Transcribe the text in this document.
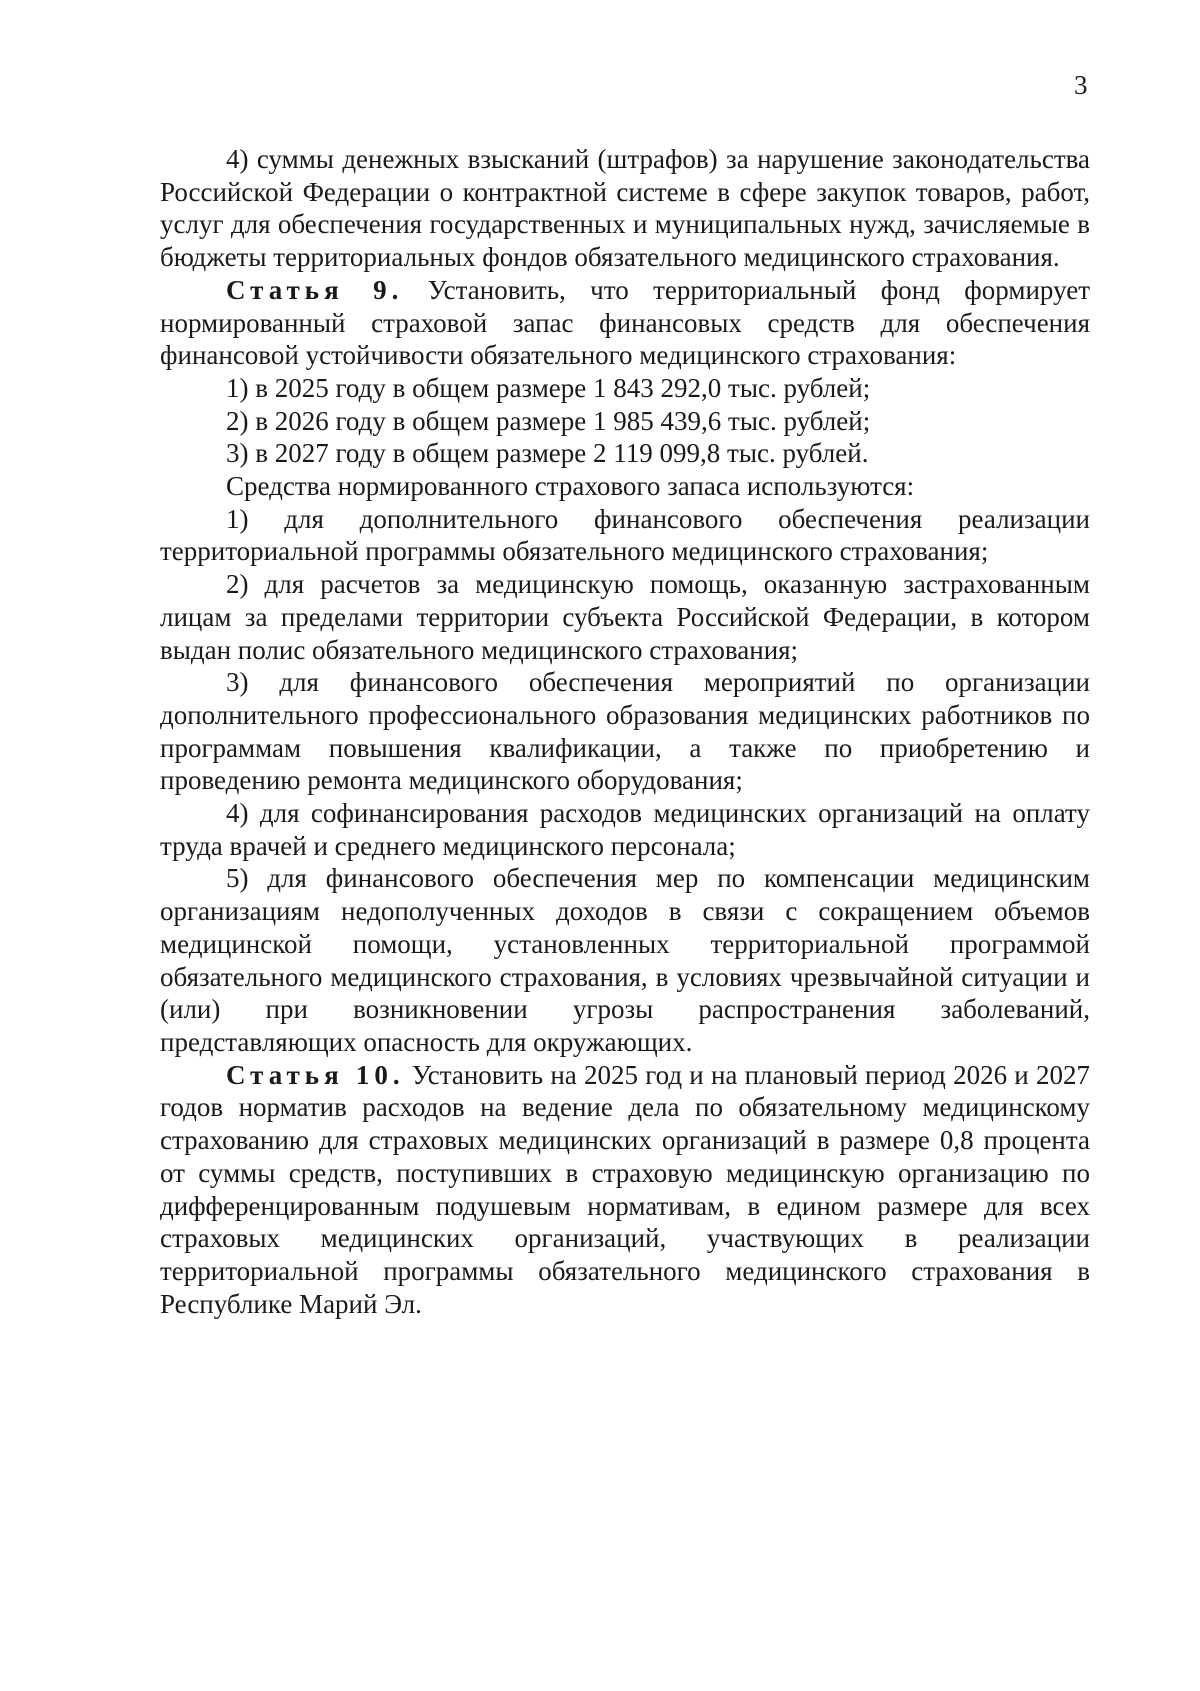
3

4) суммы денежных взысканий (штрафов) за нарушение законодательства Российской Федерации о контрактной системе в сфере закупок товаров, работ, услуг для обеспечения государственных и муниципальных нужд, зачисляемые в бюджеты территориальных фондов обязательного медицинского страхования.

Статья 9. Установить, что территориальный фонд формирует нормированный страховой запас финансовых средств для обеспечения финансовой устойчивости обязательного медицинского страхования:

1) в 2025 году в общем размере 1 843 292,0 тыс. рублей;

2) в 2026 году в общем размере 1 985 439,6 тыс. рублей;

3) в 2027 году в общем размере 2 119 099,8 тыс. рублей.

Средства нормированного страхового запаса используются:

1) для дополнительного финансового обеспечения реализации территориальной программы обязательного медицинского страхования;

2) для расчетов за медицинскую помощь, оказанную застрахованным лицам за пределами территории субъекта Российской Федерации, в котором выдан полис обязательного медицинского страхования;

3) для финансового обеспечения мероприятий по организации дополнительного профессионального образования медицинских работников по программам повышения квалификации, а также по приобретению и проведению ремонта медицинского оборудования;

4) для софинансирования расходов медицинских организаций на оплату труда врачей и среднего медицинского персонала;

5) для финансового обеспечения мер по компенсации медицинским организациям недополученных доходов в связи с сокращением объемов медицинской помощи, установленных территориальной программой обязательного медицинского страхования, в условиях чрезвычайной ситуации и (или) при возникновении угрозы распространения заболеваний, представляющих опасность для окружающих.

Статья 10. Установить на 2025 год и на плановый период 2026 и 2027 годов норматив расходов на ведение дела по обязательному медицинскому страхованию для страховых медицинских организаций в размере 0,8 процента от суммы средств, поступивших в страховую медицинскую организацию по дифференцированным подушевым нормативам, в едином размере для всех страховых медицинских организаций, участвующих в реализации территориальной программы обязательного медицинского страхования в Республике Марий Эл.
